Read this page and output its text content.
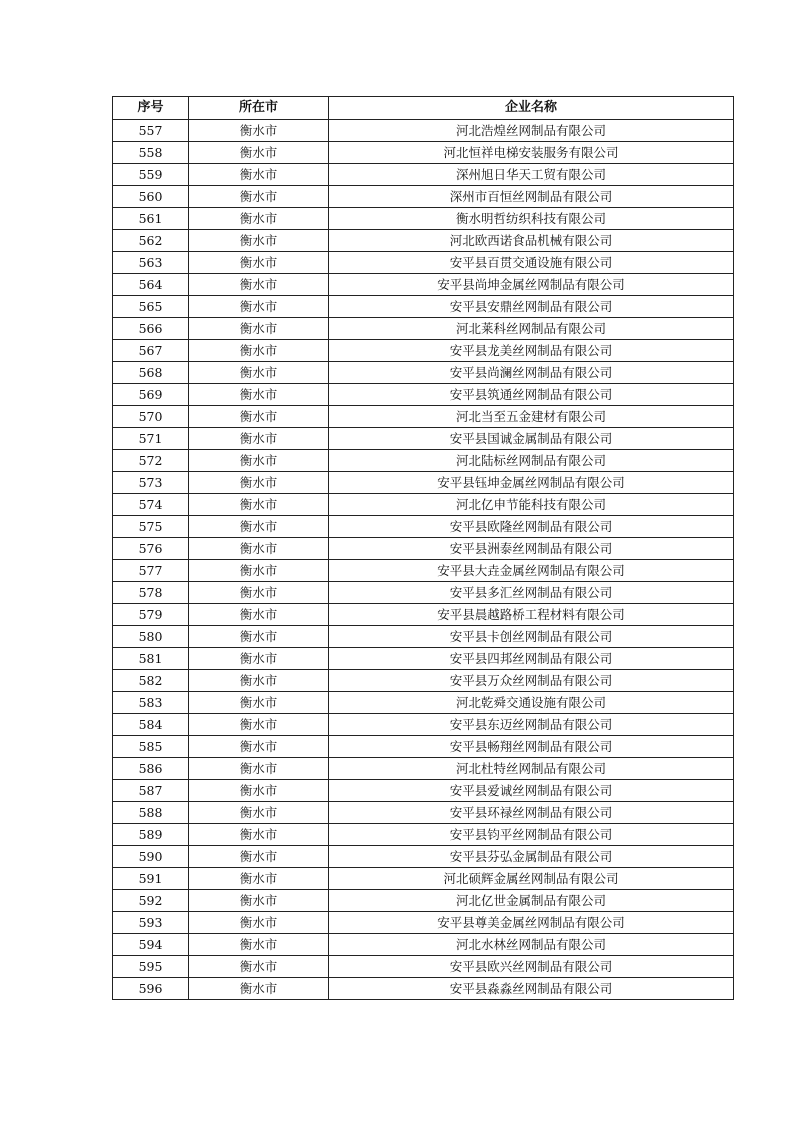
序号	所在市	企业名称
557	衡水市	河北浩煌丝网制品有限公司
558	衡水市	河北恒祥电梯安装服务有限公司
559	衡水市	深州旭日华天工贸有限公司
560	衡水市	深州市百恒丝网制品有限公司
561	衡水市	衡水明哲纺织科技有限公司
562	衡水市	河北欧西诺食品机械有限公司
563	衡水市	安平县百贯交通设施有限公司
564	衡水市	安平县尚坤金属丝网制品有限公司
565	衡水市	安平县安鼎丝网制品有限公司
566	衡水市	河北莱科丝网制品有限公司
567	衡水市	安平县龙美丝网制品有限公司
568	衡水市	安平县尚澜丝网制品有限公司
569	衡水市	安平县筑通丝网制品有限公司
570	衡水市	河北当至五金建材有限公司
571	衡水市	安平县国诚金属制品有限公司
572	衡水市	河北陆标丝网制品有限公司
573	衡水市	安平县钰坤金属丝网制品有限公司
574	衡水市	河北亿申节能科技有限公司
575	衡水市	安平县欧隆丝网制品有限公司
576	衡水市	安平县洲泰丝网制品有限公司
577	衡水市	安平县大垚金属丝网制品有限公司
578	衡水市	安平县多汇丝网制品有限公司
579	衡水市	安平县晨越路桥工程材料有限公司
580	衡水市	安平县卡创丝网制品有限公司
581	衡水市	安平县四邦丝网制品有限公司
582	衡水市	安平县万众丝网制品有限公司
583	衡水市	河北乾舜交通设施有限公司
584	衡水市	安平县东迈丝网制品有限公司
585	衡水市	安平县畅翔丝网制品有限公司
586	衡水市	河北杜特丝网制品有限公司
587	衡水市	安平县爱诚丝网制品有限公司
588	衡水市	安平县环禄丝网制品有限公司
589	衡水市	安平县钧平丝网制品有限公司
590	衡水市	安平县芬弘金属制品有限公司
591	衡水市	河北硕辉金属丝网制品有限公司
592	衡水市	河北亿世金属制品有限公司
593	衡水市	安平县尊美金属丝网制品有限公司
594	衡水市	河北水林丝网制品有限公司
595	衡水市	安平县欧兴丝网制品有限公司
596	衡水市	安平县淼淼丝网制品有限公司
